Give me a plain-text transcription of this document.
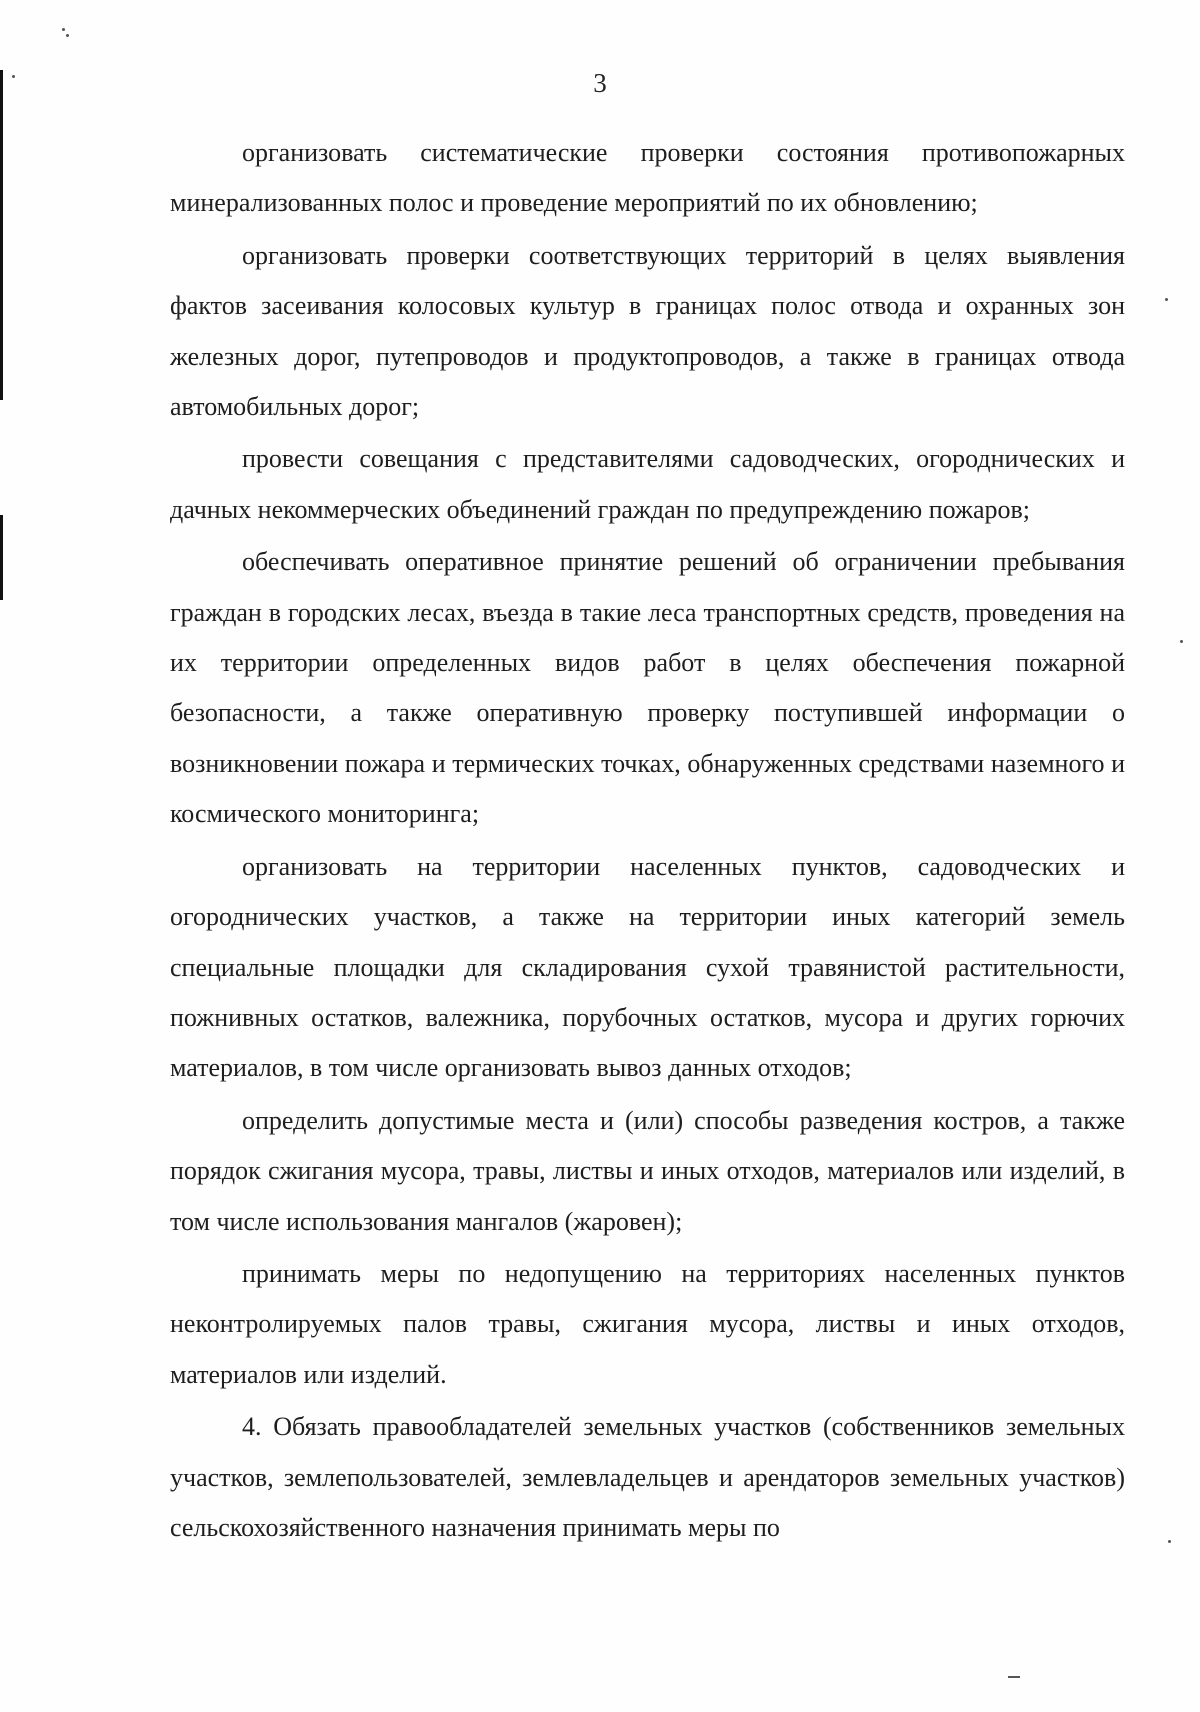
3

организовать систематические проверки состояния противопожарных минерализованных полос и проведение мероприятий по их обновлению;

организовать проверки соответствующих территорий в целях выявления фактов засеивания колосовых культур в границах полос отвода и охранных зон железных дорог, путепроводов и продуктопроводов, а также в границах отвода автомобильных дорог;

провести совещания с представителями садоводческих, огороднических и дачных некоммерческих объединений граждан по предупреждению пожаров;

обеспечивать оперативное принятие решений об ограничении пребывания граждан в городских лесах, въезда в такие леса транспортных средств, проведения на их территории определенных видов работ в целях обеспечения пожарной безопасности, а также оперативную проверку поступившей информации о возникновении пожара и термических точках, обнаруженных средствами наземного и космического мониторинга;

организовать на территории населенных пунктов, садоводческих и огороднических участков, а также на территории иных категорий земель специальные площадки для складирования сухой травянистой растительности, пожнивных остатков, валежника, порубочных остатков, мусора и других горючих материалов, в том числе организовать вывоз данных отходов;

определить допустимые места и (или) способы разведения костров, а также порядок сжигания мусора, травы, листвы и иных отходов, материалов или изделий, в том числе использования мангалов (жаровен);

принимать меры по недопущению на территориях населенных пунктов неконтролируемых палов травы, сжигания мусора, листвы и иных отходов, материалов или изделий.

4. Обязать правообладателей земельных участков (собственников земельных участков, землепользователей, землевладельцев и арендаторов земельных участков) сельскохозяйственного назначения принимать меры по
